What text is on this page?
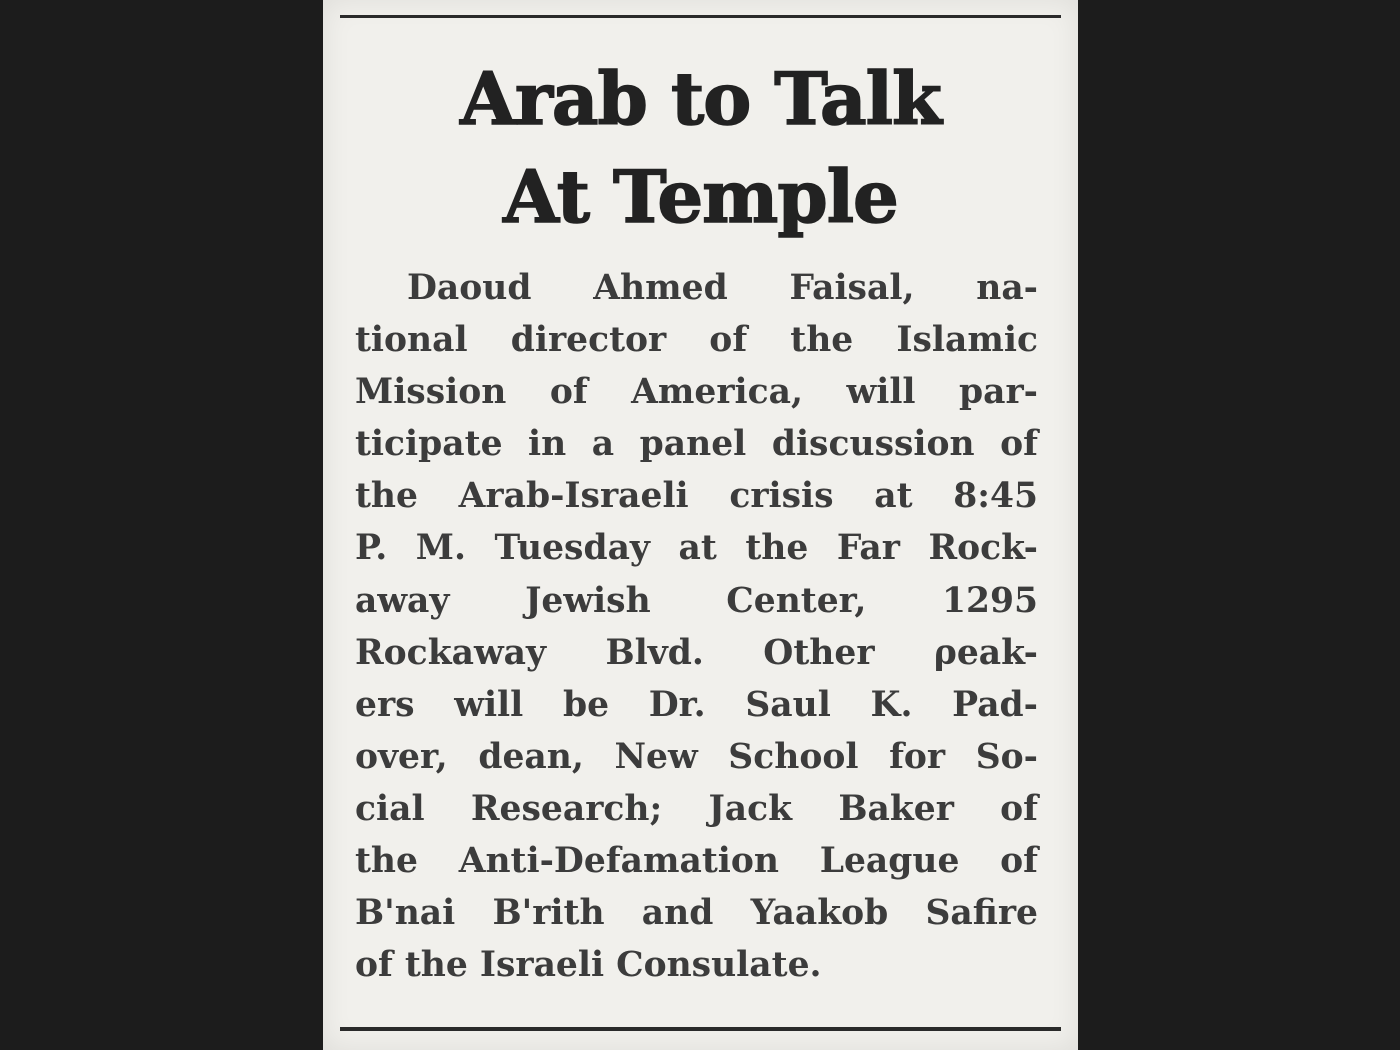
Arab to Talk
At Temple
Daoud Ahmed Faisal, na-
tional director of the Islamic
Mission of America, will par-
ticipate in a panel discussion of
the Arab-Israeli crisis at 8:45
P. M. Tuesday at the Far Rock-
away Jewish Center, 1295
Rockaway Blvd. Other ρeak-
ers will be Dr. Saul K. Pad-
over, dean, New School for So-
cial Research; Jack Baker of
the Anti-Defamation League of
B'nai B'rith and Yaakob Safire
of the Israeli Consulate.
